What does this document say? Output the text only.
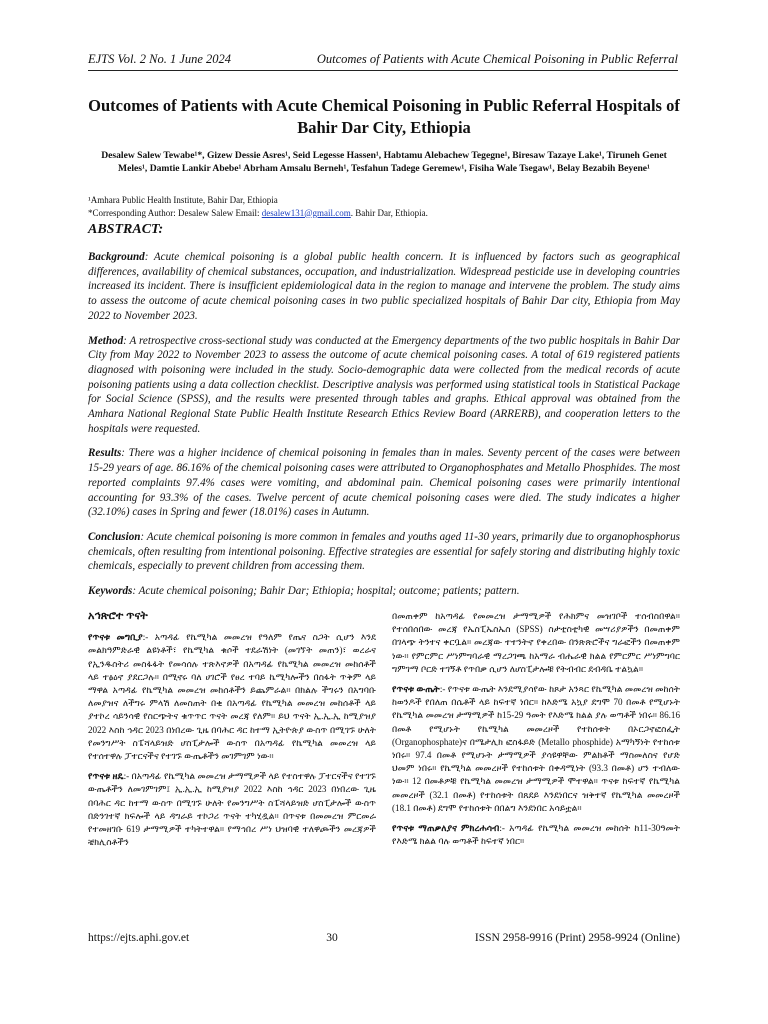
EJTS Vol. 2 No. 1 June 2024	Outcomes of Patients with Acute Chemical Poisoning in Public Referral
Outcomes of Patients with Acute Chemical Poisoning in Public Referral Hospitals of Bahir Dar City, Ethiopia
Desalew Salew Tewabe¹*, Gizew Dessie Asres¹, Seid Legesse Hassen¹, Habtamu Alebachew Tegegne¹, Biresaw Tazaye Lake¹, Tiruneh Genet Meles¹, Damtie Lankir Abebe¹ Abrham Amsalu Berneh¹, Tesfahun Tadege Geremew¹, Fisiha Wale Tsegaw¹, Belay Bezabih Beyene¹
¹Amhara Public Health Institute, Bahir Dar, Ethiopia
*Corresponding Author: Desalew Salew Email: desalew131@gmail.com. Bahir Dar, Ethiopia.
ABSTRACT:

Background: Acute chemical poisoning is a global public health concern. It is influenced by factors such as geographical differences, availability of chemical substances, occupation, and industrialization. Widespread pesticide use in developing countries increased its incident. There is insufficient epidemiological data in the region to manage and intervene the problem. The study aims to assess the outcome of acute chemical poisoning cases in two public specialized hospitals of Bahir Dar city, Ethiopia from May 2022 to November 2023.

Method: A retrospective cross-sectional study was conducted at the Emergency departments of the two public hospitals in Bahir Dar City from May 2022 to November 2023 to assess the outcome of acute chemical poisoning cases. A total of 619 registered patients diagnosed with poisoning were included in the study. Socio-demographic data were collected from the medical records of acute poisoning patients using a data collection checklist. Descriptive analysis was performed using statistical tools in Statistical Package for Social Science (SPSS), and the results were presented through tables and graphs. Ethical approval was obtained from the Amhara National Regional State Public Health Institute Research Ethics Review Board (ARRERB), and cooperation letters to the hospitals were requested.

Results: There was a higher incidence of chemical poisoning in females than in males. Seventy percent of the cases were between 15-29 years of age. 86.16% of the chemical poisoning cases were attributed to Organophosphates and Metallo Phosphides. The most reported complaints 97.4% cases were vomiting, and abdominal pain. Chemical poisoning cases were primarily intentional accounting for 93.3% of the cases. Twelve percent of acute chemical poisoning cases were died. The study indicates a higher (32.10%) cases in Spring and fewer (18.01%) cases in Autumn.

Conclusion: Acute chemical poisoning is more common in females and youths aged 11-30 years, primarily due to organophosphorus chemicals, often resulting from intentional poisoning. Effective strategies are essential for safely storing and distributing highly toxic chemicals, especially to prevent children from accessing them.

Keywords: Acute chemical poisoning; Bahir Dar; Ethiopia; hospital; outcome; patients; pattern.

አኅጽሮተ ጥናት

የጥናቱ መግቢያ:- አጣዳፊ የኬሚካል መመረዝ የዓለም የጤና ስጋት ሲሆን እንደ መልክዓምድራዊ ልዩነቶች፣ የኬሚካል ቁሶች ተደራሽነት (መገኘት መጠን)፣ ወረራና የኢንዱስትሪ መስፋፋት የመሳሰሉ ተጽእኖዎች በአጣዳፊ የኬሚካል መመረዝ መከሰቶች ላይ ተፅዕኖ ያደርጋሉ። በሚኖሩ ባለ ሀገሮች የፀረ ተባይ ኬሚካሎችን በስፋት ጥቅም ላይ ማዋል አጣዳፊ የኬሚካል መመረዝ መከሰቶችን ይጨምራል። በክልሉ ችግሩን በአግባቡ ለመያዝና ለችግሩ ምላሽ ለመስጠት በቂ በአጣዳፊ የኬሚካል መመረዝ መከሰቶች ላይ ያተኮረ ሳይንሳዊ የስርጭትና ቁጥጥር ጥናት መረጃ የለም። ይህ ጥናት ኢ.ኢ.ኢ ከሚያዝያ 2022 እስከ ኅዳር 2023 በነበረው ጊዜ በባሕር ዳር ከተማ ኢትዮጵያ ውስጥ በሚገኙ ሁለት የመንግሥት ስፔሻላይዝድ ሆስፒታሎች ውስጥ በአጣዳፊ የኬሚካል መመረዝ ላይ የተሰተዋሉ ፓተርናችና የተገኙ ውጤቶችን መገምገም ነው።

የጥናቱ ዘዴ:- በአጣዳፊ የኬሚካል መመረዝ ታማሚዎች ላይ የተስተዋሉ ፓተርናችና የተገኙ ውጤቶችን ለመገምገም፤ ኢ.ኢ.ኢ ከሚያዝያ 2022 እስከ ኅዳር 2023 በነበረው ጊዜ በባሕር ዳር ከተማ ውስጥ በሚገኙ ሁለት የመንግሥት ስፔሻላይዝድ ሆስፒታሎች ውስጥ በድንገተኛ ክፍሎች ላይ ዳግራይ ተኮጋሪ ጥናት ተካሂዷል። በጥናቱ በመመረዝ ምርመራ የተመዘገቡ 619 ታማሚዎች ተካትተዋል። የማኅበረ ሥነ ህዝባዊ ተለዋጮችን መረጃዎች ቼክሊስቶችን

በመጠቀም ከአጣዳፊ የመመረዝ ታማሚዎች የሕክምና መዝገቦች ተሰብስበዋል። የተሰበሰበው መረጃ የኤስፒኤስኤስ (SPSS) ስታቲስቲካዊ መሣሪያዎችን በመጠቀም በገላጭ ትንተና ቀርቧል። መረጃው ተተንትኖ የቀረበው በንጽጽሮችና ግራፎችን በመጠቀም ነው። የምርምር ሥነምግባራዊ ማረጋገጫ ከአማራ ብሔራዊ ክልል የምርምር ሥነምግባር ግምገማ ቦርድ ተገኝቶ የጥበቃ ሲሆን ለሆስፒታሎቹ የትብብር ደብዳቤ ተልኳል።

የጥናቱ ውጤት:- የጥናቱ ውጤት እንደሚያሳየው ከጾታ አንጻር የኬሚካል መመረዝ መከሰት ከወንዶች የበለጠ በሴቶች ላይ ከፍተኛ ነበር። ከእድሜ አኳያ ደግሞ 70 በመቶ የሚሆኑት የኬሚካል መመረዝ ታማሚዎች ከ15-29 ዓመት የእድሜ ክልል ያሉ ወጣቶች ነበሩ። 86.16 በመቶ የሚሆኑት የኬሚካል መመረዞች የተከሰቱት በኦርጋኖፎስፌት (Organophosphate)ና በሜታሊክ ፎስፋይድ (Metallo phosphide) አማካኝነት የተከሰቱ ነበሩ። 97.4 በመቶ የሚሆኑት ታማሚዎች ያሳዩዋቸው ምልክቶች ማስመለስና የሆድ ህመም ነበሩ። የኬሚካል መመረዞች የተከሰቱት በቀዳሚነት (93.3 በመቶ) ሆን ተብለው ነው። 12 በመቶዎቹ የኬሚካል መመረዝ ታማሚዎች ሞተዋል። ጥናቱ ከፍተኛ የኬሚካል መመረዞች (32.1 በመቶ) የተከሰቱት በጸደይ እንደነበርና ዝቅተኛ የኬሚካል መመረዞች (18.1 በመቶ) ደግሞ የተከሰቱት በበልግ እንደነበር አሳይቷል።

የጥናቱ ማጠቃለያና ምክረሐሳብ:- አጣዳፊ የኬሚካል መመረዝ መከሰት ከ11-30ዓመት የእድሜ ክልል ባሉ ወጣቶች ከፍተኛ ነበር።

https://ejts.aphi.gov.et	30	ISSN 2958-9916 (Print) 2958-9924 (Online)
